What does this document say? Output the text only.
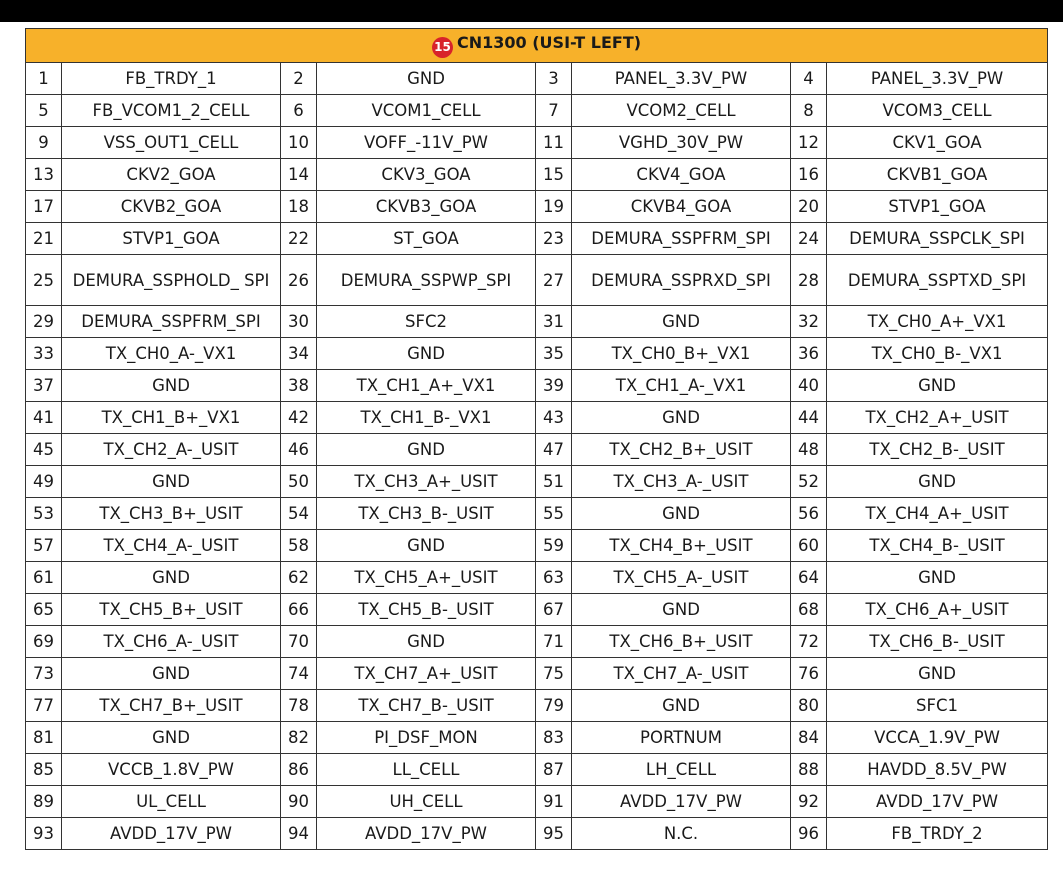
15 CN1300 (USI-T LEFT)							
1	FB_TRDY_1	2	GND	3	PANEL_3.3V_PW	4	PANEL_3.3V_PW
5	FB_VCOM1_2_CELL	6	VCOM1_CELL	7	VCOM2_CELL	8	VCOM3_CELL
9	VSS_OUT1_CELL	10	VOFF_-11V_PW	11	VGHD_30V_PW	12	CKV1_GOA
13	CKV2_GOA	14	CKV3_GOA	15	CKV4_GOA	16	CKVB1_GOA
17	CKVB2_GOA	18	CKVB3_GOA	19	CKVB4_GOA	20	STVP1_GOA
21	STVP1_GOA	22	ST_GOA	23	DEMURA_SSPFRM_SPI	24	DEMURA_SSPCLK_SPI
25	DEMURA_SSPHOLD_ SPI	26	DEMURA_SSPWP_SPI	27	DEMURA_SSPRXD_SPI	28	DEMURA_SSPTXD_SPI
29	DEMURA_SSPFRM_SPI	30	SFC2	31	GND	32	TX_CH0_A+_VX1
33	TX_CH0_A-_VX1	34	GND	35	TX_CH0_B+_VX1	36	TX_CH0_B-_VX1
37	GND	38	TX_CH1_A+_VX1	39	TX_CH1_A-_VX1	40	GND
41	TX_CH1_B+_VX1	42	TX_CH1_B-_VX1	43	GND	44	TX_CH2_A+_USIT
45	TX_CH2_A-_USIT	46	GND	47	TX_CH2_B+_USIT	48	TX_CH2_B-_USIT
49	GND	50	TX_CH3_A+_USIT	51	TX_CH3_A-_USIT	52	GND
53	TX_CH3_B+_USIT	54	TX_CH3_B-_USIT	55	GND	56	TX_CH4_A+_USIT
57	TX_CH4_A-_USIT	58	GND	59	TX_CH4_B+_USIT	60	TX_CH4_B-_USIT
61	GND	62	TX_CH5_A+_USIT	63	TX_CH5_A-_USIT	64	GND
65	TX_CH5_B+_USIT	66	TX_CH5_B-_USIT	67	GND	68	TX_CH6_A+_USIT
69	TX_CH6_A-_USIT	70	GND	71	TX_CH6_B+_USIT	72	TX_CH6_B-_USIT
73	GND	74	TX_CH7_A+_USIT	75	TX_CH7_A-_USIT	76	GND
77	TX_CH7_B+_USIT	78	TX_CH7_B-_USIT	79	GND	80	SFC1
81	GND	82	PI_DSF_MON	83	PORTNUM	84	VCCA_1.9V_PW
85	VCCB_1.8V_PW	86	LL_CELL	87	LH_CELL	88	HAVDD_8.5V_PW
89	UL_CELL	90	UH_CELL	91	AVDD_17V_PW	92	AVDD_17V_PW
93	AVDD_17V_PW	94	AVDD_17V_PW	95	N.C.	96	FB_TRDY_2
